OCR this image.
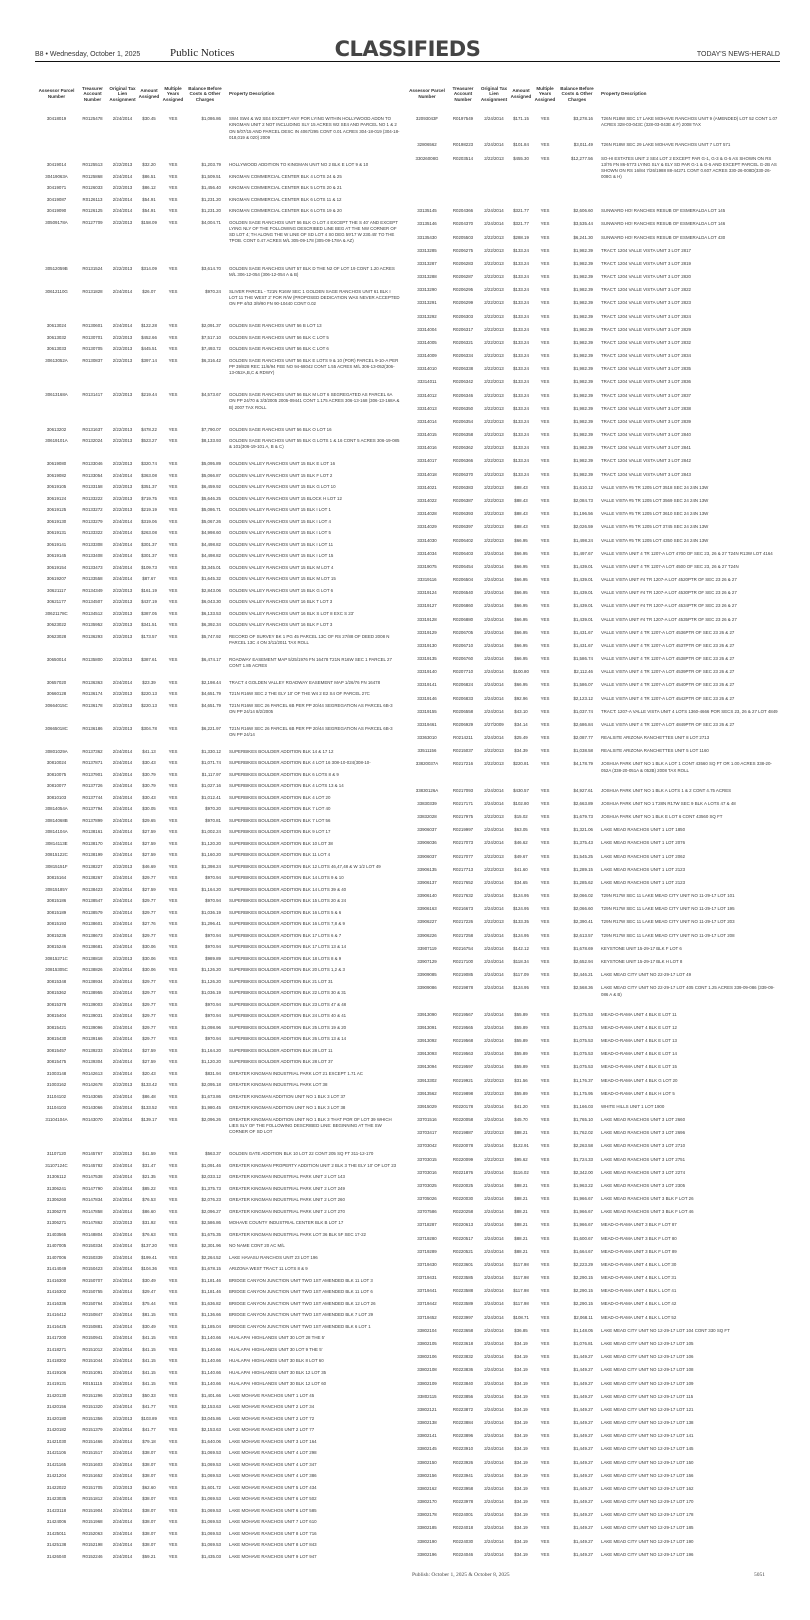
B8 • Wednesday, October 1, 2025	Public Notices	CLASSIFIEDS	TODAY'S NEWS-HERALD
Assessor Parcel Number	Treasurer Account Number	Original Tax Lien Assignment	Amount Assigned	Multiple Years Assigned	Balance Before Costs & Other Charges	Property Description
30418019	R0125478	2/24/2014	$30.45	YES	$1,086.86	SW4 SW4 & W2 SE4 EXCEPT ANY POR LYING WITHIN HOLLYWOOD ADDN TO KINGMAN UNIT 2 NOT INCLUDING SLY 15 ACRES W2 SE4 AND PARCEL NO 1 & 2 ON 5/07/15 AND PARCEL DESC IN 4067/295 CONT 0.01 ACRES 304-18-019 (304-18-018,019 & 020) 2009
30419014	R0125513	2/22/2013	$32.20	YES	$1,203.79	HOLLYWOOD ADDITION TO KINGMAN UNIT NO 2 BLK E LOT 9 & 10
30419063A	R0125868	2/24/2014	$86.51	YES	$1,509.51	KINGMAN COMMERCIAL CENTER BLK 4 LOTS 24 & 25
30419071	R0126033	2/22/2013	$86.12	YES	$1,456.40	KINGMAN COMMERCIAL CENTER BLK 5 LOTS 20 & 21
30419087	R0126113	2/24/2014	$54.91	YES	$1,231.20	KINGMAN COMMERCIAL CENTER BLK 6 LOTS 11 & 12
30419090	R0126125	2/24/2014	$54.91	YES	$1,231.20	KINGMAN COMMERCIAL CENTER BLK 6 LOTS 19 & 20
30509178A	R0127709	2/22/2013	$158.09	YES	$4,004.71	GOLDEN SAGE RANCHOS UNIT 56 BLK O LOT 4 EXCEPT THE S 40' AND EXCEPT LYING NLY OF THE FOLLOWING DESCRIBED LINE BEG AT THE NW CORNER OF SD LOT 4; TH ALONG THE W LINE OF SD LOT 4 S0 DEG 59'17 W 230.45' TO THE TPOB. CONT 0.47 ACRES M/L 305-09-178 (305-09-178A & AZ)
30512059B	R0131524	2/22/2013	$314.09	YES	$3,614.70	GOLDEN SAGE RANCHOS UNIT 57 BLK D THE N2 OF LOT 19 CONT 1.20 ACRES M/L 306-12-054 (306-12-054 A & B)
30612110G	R0131828	2/24/2014	$26.07	YES	$970.24	SLIVER PARCEL - T21N R16W SEC 1 GOLDEN SAGE RANCHOS UNIT 61 BLK I LOT 11 THE WEST 2' FOR R/W (PROPOSED DEDICATION WAS NEVER ACCEPTED ON PP 4/53 3/9/90 FN 90-10440 CONT 0.02
30613024	R0130601	2/24/2014	$122.28	YES	$2,091.37	GOLDEN SAGE RANCHOS UNIT 56 B LOT 13
30613032	R0130701	2/22/2013	$452.66	YES	$7,517.10	GOLDEN SAGE RANCHOS UNIT 56 BLK C LOT 5
30613033	R0130705	2/22/2013	$445.51	YES	$7,493.72	GOLDEN SAGE RANCHOS UNIT 56 BLK C LOT 6
30613052A	R0130837	2/22/2013	$397.14	YES	$6,316.42	GOLDEN SAGE RANCHOS UNIT 56 BLK E LOTS 9 & 10 (POR) PARCEL 9-10-A PER PP 39/828 REC 11/6/94 FEE NO 94-68042 CONT 1.55 ACRES M/L 306-13-052(306-13-052A,B,C & RDWY)
30613168A	R0131417	2/22/2013	$219.44	YES	$4,573.67	GOLDEN SAGE RANCHOS UNIT 56 BLK M LOT 6 SEGREGATED AS PARCEL 6A ON PP 24/70 & 3/3/2005 2005-09441 CONT 1.175 ACRES 306-13-168 (306-13-168A & B) 2007 TAX ROLL
30613202	R0131637	2/22/2013	$478.22	YES	$7,790.07	GOLDEN SAGE RANCHOS UNIT 56 BLK O LOT 16
30619101A	R0132024	2/22/2013	$523.27	YES	$8,133.93	GOLDEN SAGE RANCHOS UNIT 55 BLK G LOTS 1 & 16 CONT 5 ACRES 306-19-085 & 101(306-19-101 A, B & C)
30619080	R0133046	2/22/2013	$320.74	YES	$5,095.89	GOLDEN VALLEY RANCHOS UNIT 15 BLK E LOT 16
30619082	R0133054	2/24/2014	$363.08	YES	$5,066.87	GOLDEN VALLEY RANCHOS UNIT 15 BLK F LOT 2
30619105	R0133158	2/22/2013	$351.37	YES	$6,459.92	GOLDEN VALLEY RANCHOS UNIT 15 BLK G LOT 10
30619124	R0133222	2/22/2013	$719.75	YES	$5,646.25	GOLDEN VALLEY RANCHOS UNIT 15 BLOCK H LOT 12
30619125	R0133272	2/22/2013	$219.19	YES	$5,086.71	GOLDEN VALLEY RANCHOS UNIT 15 BLK I LOT 1
30619130	R0133279	2/24/2014	$319.06	YES	$5,067.26	GOLDEN VALLEY RANCHOS UNIT 15 BLK I LOT 4
30619131	R0133322	2/24/2014	$263.08	YES	$4,998.60	GOLDEN VALLEY RANCHOS UNIT 15 BLK I LOT 5
30619141	R0133308	2/24/2014	$301.37	YES	$4,498.82	GOLDEN VALLEY RANCHOS UNIT 15 BLK I LOT 11
30619145	R0133408	2/24/2014	$301.37	YES	$4,498.82	GOLDEN VALLEY RANCHOS UNIT 15 BLK I LOT 15
30619154	R0133473	2/24/2014	$109.73	YES	$3,345.01	GOLDEN VALLEY RANCHOS UNIT 15 BLK M LOT 4
30619207	R0133558	2/24/2014	$87.67	YES	$1,645.32	GOLDEN VALLEY RANCHOS UNIT 15 BLK M LOT 15
30621117	R0134349	2/22/2013	$161.19	YES	$2,843.06	GOLDEN VALLEY RANCHOS UNIT 15 BLK G LOT 6
30621177	R0134507	2/22/2013	$437.19	YES	$6,043.30	GOLDEN VALLEY RANCHOS UNIT 16 BLK T LOT 3
30621178C	R0134512	2/22/2013	$387.05	YES	$6,133.53	GOLDEN VALLEY RANCHOS UNIT 16 BLK S LOT 8 EXC S 23'
30623022	R0135952	2/22/2013	$341.51	YES	$6,392.34	GOLDEN VALLEY RANCHOS UNIT 16 BLK F LOT 3
30623028	R0136293	2/22/2013	$173.57	YES	$5,747.92	RECORD OF SURVEY BK 1 PG 45 PARCEL 13C OF RS 27/88 OF DEED 2008 N PARCEL 13C 4 ON 3/11/2011 TAX ROLL
30650014	R0135800	2/22/2013	$387.61	YES	$6,474.17	ROADWAY EASEMENT MAP 5/25/1976 FN 16478 T21N R16W SEC 1 PARCEL 27 CONT 1.85 ACRES
30657020	R0136363	2/24/2014	$23.39	YES	$2,198.44	TRACT 4 GOLDEN VALLEY ROADWAY EASEMENT MAP 1/26/76 FN 16478
30660128	R0136174	2/22/2013	$220.13	YES	$4,651.79	T21N R16W SEC 2 THE ELY 10' OF THE W4 2 E2 S4 OF PARCEL 27C
30664015C	R0136178	2/22/2013	$220.13	YES	$4,651.79	T21N R16W SEC 26 PARCEL 6B PER PP 20/44 SEGREGATION AS PARCEL 6B-3 ON PP 24/14 8/2/2005
30665018C	R0136186	2/22/2013	$304.78	YES	$6,221.97	T21N R16W SEC 26 PARCEL 6B PER PP 20/44 SEGREGATION AS PARCEL 6B-3 ON PP 24/14
30801029A	R0137362	2/24/2014	$41.13	YES	$1,330.12	SUPERBIKES BOULDER ADDITION BLK 14 & 17 12
30810024	R0137871	2/24/2014	$30.43	YES	$1,071.74	SUPERBIKES BOULDER ADDITION BLK 4 LOT 16 308-10-024(308-10-
30810075	R0137901	2/24/2014	$30.79	YES	$1,117.97	SUPERBIKES BOULDER ADDITION BLK 6 LOTS 8 & 9
30810077	R0137726	2/24/2014	$30.79	YES	$1,027.16	SUPERBIKES BOULDER ADDITION BLK 4 LOTS 13 & 14
30810103	R0137744	2/24/2014	$30.43	YES	$1,012.41	SUPERBIKES BOULDER ADDITION BLK 4 LOT 20
30814054A	R0137794	2/24/2014	$30.05	YES	$970.20	SUPERBIKES BOULDER ADDITION BLK 7 LOT 40
30814068B	R0137899	2/24/2014	$29.65	YES	$970.81	SUPERBIKES BOULDER ADDITION BLK 7 LOT 56
30814104A	R0138161	2/24/2014	$27.59	YES	$1,002.24	SUPERBIKES BOULDER ADDITION BLK 9 LOT 17
30814113E	R0138170	2/24/2014	$27.59	YES	$1,120.20	SUPERBIKES BOULDER ADDITION BLK 10 LOT 38
30815122C	R0138199	2/24/2014	$27.59	YES	$1,160.20	SUPERBIKES BOULDER ADDITION BLK 11 LOT 4
30815151F	R0138227	2/22/2013	$46.69	YES	$1,398.24	SUPERBIKES BOULDER ADDITION BLK 12 LOTS 46,47,48 & W 1/2 LOT 49
30815164	R0138267	2/24/2014	$29.77	YES	$970.94	SUPERBIKES BOULDER ADDITION BLK 14 LOTS 9 & 10
30815185Y	R0138423	2/24/2014	$27.59	YES	$1,164.20	SUPERBIKES BOULDER ADDITION BLK 14 LOTS 39 & 40
30815186	R0138547	2/24/2014	$29.77	YES	$970.94	SUPERBIKES BOULDER ADDITION BLK 15 LOTS 20 & 24
30815189	R0138579	2/24/2014	$29.77	YES	$1,036.19	SUPERBIKES BOULDER ADDITION BLK 16 LOTS 5 & 6
30815193	R0138601	2/24/2014	$27.76	YES	$1,296.41	SUPERBIKES BOULDER ADDITION BLK 16 LOTS 7,8 & 9
30815236	R0138673	2/24/2014	$29.77	YES	$970.94	SUPERBIKES BOULDER ADDITION BLK 17 LOTS 6 & 7
30815246	R0138681	2/24/2014	$30.06	YES	$970.94	SUPERBIKES BOULDER ADDITION BLK 17 LOTS 13 & 14
30815271C	R0138818	2/22/2013	$30.06	YES	$989.89	SUPERBIKES BOULDER ADDITION BLK 18 LOTS 8 & 9
30815305C	R0138826	2/24/2014	$30.06	YES	$1,126.20	SUPERBIKES BOULDER ADDITION BLK 20 LOTS 1,2 & 3
30815348	R0138934	2/24/2014	$29.77	YES	$1,126.20	SUPERBIKES BOULDER ADDITION BLK 21 LOT 31
30815362	R0138955	2/24/2014	$29.77	YES	$1,036.19	SUPERBIKES BOULDER ADDITION BLK 22 LOTS 30 & 31
30815378	R0139003	2/24/2014	$29.77	YES	$970.94	SUPERBIKES BOULDER ADDITION BLK 23 LOTS 47 & 48
30815404	R0139031	2/24/2014	$29.77	YES	$970.94	SUPERBIKES BOULDER ADDITION BLK 24 LOTS 40 & 41
30815421	R0139096	2/24/2014	$29.77	YES	$1,098.96	SUPERBIKES BOULDER ADDITION BLK 25 LOTS 19 & 20
30815430	R0139166	2/24/2014	$29.77	YES	$970.94	SUPERBIKES BOULDER ADDITION BLK 26 LOTS 13 & 14
30815457	R0139233	2/24/2014	$27.59	YES	$1,164.20	SUPERBIKES BOULDER ADDITION BLK 28 LOT 11
30815475	R0139304	2/24/2014	$27.59	YES	$1,120.20	SUPERBIKES BOULDER ADDITION BLK 28 LOT 37
31003148	R0142613	2/24/2014	$20.43	YES	$831.94	GREATER KINGMAN INDUSTRIAL PARK LOT 21 EXCEPT 1.71 AC
31003162	R0142678	2/22/2013	$133.42	YES	$2,095.18	GREATER KINGMAN INDUSTRIAL PARK LOT 38
31104102	R0143065	2/24/2014	$86.48	YES	$1,673.86	GREATER KINGMAN ADDITION UNIT NO 1 BLK 3 LOT 37
31104103	R0143066	2/24/2014	$133.52	YES	$1,980.45	GREATER KINGMAN ADDITION UNIT NO 1 BLK 3 LOT 38
31104104A	R0143070	2/24/2014	$139.17	YES	$2,096.26	GREATER KINGMAN ADDITION UNIT NO 1 BLK 3 THAT POR OF LOT 39 WHICH LIES SLY OF THE FOLLOWING DESCRIBED LINE: BEGINNING AT THE SW CORNER OF SD LOT
31107120	R0145767	2/22/2013	$41.59	YES	$563.37	GOLDEN GATE ADDITION BLK 10 LOT 22 CONT 205 SQ FT 311-12-170
31107124C	R0145782	2/24/2014	$31.47	YES	$1,091.46	GREATER KINGMAN PROPERTY ADDITION UNIT 2 BLK 3 THE ELY 10' OF LOT 23
31306112	R0147538	2/24/2014	$21.35	YES	$2,033.12	GREATER KINGMAN INDUSTRIAL PARK UNIT 2 LOT 143
31306241	R0147790	2/24/2014	$85.22	YES	$1,375.73	GREATER KINGMAN INDUSTRIAL PARK UNIT 2 LOT 249
31306260	R0147834	2/24/2014	$76.53	YES	$2,076.23	GREATER KINGMAN INDUSTRIAL PARK UNIT 2 LOT 260
31306270	R0147858	2/24/2014	$86.60	YES	$2,096.27	GREATER KINGMAN INDUSTRIAL PARK UNIT 2 LOT 270
31306271	R0147862	2/22/2013	$31.92	YES	$2,586.86	MOHAVE COUNTY INDUSTRIAL CENTER BLK B LOT 17
31403565	R0148804	2/24/2014	$76.63	YES	$1,675.35	GREATER KINGMAN INDUSTRIAL PARK LOT 36 BLK 5F SEC 17-22
31407005	R0150334	2/24/2014	$137.20	YES	$2,301.96	NO NAME CONT 20 AC M/L
31407006	R0150339	2/24/2014	$199.41	YES	$2,264.52	LAKE HAVASU RANCHOS UNIT 23 LOT 196
31414049	R0150423	2/24/2014	$104.36	YES	$1,678.15	ARIZONA WEST TRACT 11 LOTS 8 & 9
31416300	R0150707	2/24/2014	$30.49	YES	$1,181.46	BRIDGE CANYON JUNCTION UNIT TWO 1ST AMENDED BLK 11 LOT 3
31416302	R0150755	2/24/2014	$29.47	YES	$1,181.46	BRIDGE CANYON JUNCTION UNIT TWO 1ST AMENDED BLK 11 LOT 6
31416336	R0150764	2/24/2014	$75.44	YES	$1,636.82	BRIDGE CANYON JUNCTION UNIT TWO 1ST AMENDED BLK 12 LOT 26
31416412	R0150847	2/24/2014	$81.15	YES	$1,136.66	BRIDGE CANYON JUNCTION UNIT TWO 1ST AMENDED BLK 7 LOT 29
31416425	R0150881	2/24/2014	$30.49	YES	$1,185.04	BRIDGE CANYON JUNCTION UNIT TWO 1ST AMENDED BLK 6 LOT 1
31417200	R0150941	2/24/2014	$41.15	YES	$1,140.66	HUALAPAI HIGHLANDS UNIT 30 LOT 28 THE 5'
31418271	R0151012	2/24/2014	$41.15	YES	$1,140.66	HUALAPAI HIGHLANDS UNIT 30 LOT 9 THE 5'
31418302	R0151044	2/24/2014	$41.15	YES	$1,140.66	HUALAPAI HIGHLANDS UNIT 30 BLK 8 LOT 60
31419106	R0151091	2/24/2014	$41.15	YES	$1,140.66	HUALAPAI HIGHLANDS UNIT 30 BLK 12 LOT 35
31419131	R0151115	2/24/2014	$41.15	YES	$1,140.66	HUALAPAI HIGHLANDS UNIT 30 BLK 12 LOT 60
31420130	R0151296	2/22/2013	$50.33	YES	$1,401.66	LAKE MOHAVE RANCHOS UNIT 1 LOT 45
31420156	R0151320	2/24/2014	$41.77	YES	$2,153.63	LAKE MOHAVE RANCHOS UNIT 2 LOT 34
31420180	R0151356	2/22/2013	$103.89	YES	$3,045.86	LAKE MOHAVE RANCHOS UNIT 2 LOT 72
31420182	R0151379	2/24/2014	$41.77	YES	$2,153.63	LAKE MOHAVE RANCHOS UNIT 2 LOT 77
31421030	R0151466	2/24/2014	$79.18	YES	$1,640.06	LAKE MOHAVE RANCHOS UNIT 3 LOT 164
31421106	R0151517	2/24/2014	$38.07	YES	$1,069.53	LAKE MOHAVE RANCHOS UNIT 4 LOT 298
31421165	R0151603	2/24/2014	$38.07	YES	$1,069.53	LAKE MOHAVE RANCHOS UNIT 4 LOT 347
31421204	R0151652	2/24/2014	$38.07	YES	$1,069.53	LAKE MOHAVE RANCHOS UNIT 4 LOT 386
31422022	R0151705	2/22/2013	$62.60	YES	$1,601.72	LAKE MOHAVE RANCHOS UNIT 5 LOT 434
31423035	R0151812	2/24/2014	$38.07	YES	$1,069.53	LAKE MOHAVE RANCHOS UNIT 6 LOT 502
31423118	R0151904	2/24/2014	$38.07	YES	$1,069.53	LAKE MOHAVE RANCHOS UNIT 6 LOT 585
31424006	R0151968	2/24/2014	$38.07	YES	$1,069.53	LAKE MOHAVE RANCHOS UNIT 7 LOT 610
31425011	R0152063	2/24/2014	$38.07	YES	$1,069.53	LAKE MOHAVE RANCHOS UNIT 8 LOT 716
31425138	R0152198	2/24/2014	$38.07	YES	$1,069.53	LAKE MOHAVE RANCHOS UNIT 8 LOT 843
31426040	R0152246	2/24/2014	$59.21	YES	$1,435.03	LAKE MOHAVE RANCHOS UNIT 9 LOT 947
Assessor Parcel Number	Treasurer Account Number	Original Tax Lien Assignment	Amount Assigned	Multiple Years Assigned	Balance Before Costs & Other Charges	Property Description
32093043F	R0197549	2/24/2014	$171.15	YES	$3,278.16	T26N R18W SEC 17 LAKE MOHAVE RANCHOS UNIT 9 (AMENDED) LOT 52 CONT 1.07 ACRES 328-03-043C (328-03-043E & F) 2008 TAX
32806562	R0198223	2/24/2014	$101.84	YES	$3,011.49	T26N R18W SEC 29 LAKE MOHAVE RANCHOS UNIT 7 LOT 571
33026008G	R0203514	2/22/2013	$455.30	YES	$12,277.56	SO-HI ESTATES UNIT 2 SE4 LOT 2 EXCEPT PAR G-1, G-3 & G-5 AS SHOWN ON RS 13/76 FN 86-5773 LYING SLY & ELY SD PAR G-1 & G-5 AND EXCEPT PARCEL G-2B AS SHOWN ON RS 16/84 7/26/1988 88-44271 CONT 0.607 ACRES 330-26-008D(330-26-008G & H)
33135145	R0204366	2/24/2014	$321.77	YES	$2,606.60	SUNWARD HO! RANCHES RESUB OF ESMERALDA LOT 145
33135146	R0204370	2/24/2014	$321.77	YES	$3,535.44	SUNWARD HO! RANCHES RESUB OF ESMERALDA LOT 146
33135430	R0205503	2/22/2013	$288.19	YES	$6,241.30	SUNWARD HO! RANCHES RESUB OF ESMERALDA LOT 430
33313285	R0206275	2/22/2013	$133.24	YES	$1,982.39	TRACT: 1204 VALLE VISTA UNIT 3 LOT 2817
33313287	R0206283	2/22/2013	$133.24	YES	$1,982.39	TRACT: 1204 VALLE VISTA UNIT 3 LOT 2819
33313288	R0206287	2/22/2013	$133.24	YES	$1,982.39	TRACT: 1204 VALLE VISTA UNIT 3 LOT 2820
33313290	R0206295	2/22/2013	$133.24	YES	$1,982.39	TRACT: 1204 VALLE VISTA UNIT 3 LOT 2822
33313291	R0206299	2/22/2013	$133.24	YES	$1,982.39	TRACT: 1204 VALLE VISTA UNIT 3 LOT 2823
33313292	R0206303	2/22/2013	$133.24	YES	$1,982.39	TRACT: 1204 VALLE VISTA UNIT 3 LOT 2824
33314004	R0206317	2/22/2013	$133.24	YES	$1,982.39	TRACT: 1204 VALLE VISTA UNIT 3 LOT 2829
33314005	R0206321	2/22/2013	$133.24	YES	$1,982.39	TRACT: 1204 VALLE VISTA UNIT 3 LOT 2832
33314009	R0206334	2/22/2013	$133.24	YES	$1,982.39	TRACT: 1204 VALLE VISTA UNIT 3 LOT 2834
33314010	R0206338	2/22/2013	$133.24	YES	$1,982.39	TRACT: 1204 VALLE VISTA UNIT 3 LOT 2835
33314011	R0206342	2/22/2013	$133.24	YES	$1,982.39	TRACT: 1204 VALLE VISTA UNIT 3 LOT 2836
33314012	R0206346	2/22/2013	$133.24	YES	$1,982.39	TRACT: 1204 VALLE VISTA UNIT 3 LOT 2837
33314013	R0206350	2/22/2013	$133.24	YES	$1,982.39	TRACT: 1204 VALLE VISTA UNIT 3 LOT 2838
33314014	R0206354	2/22/2013	$133.24	YES	$1,982.39	TRACT: 1204 VALLE VISTA UNIT 3 LOT 2839
33314015	R0206358	2/22/2013	$133.24	YES	$1,982.39	TRACT: 1204 VALLE VISTA UNIT 3 LOT 2840
33314016	R0206362	2/22/2013	$133.24	YES	$1,982.39	TRACT: 1204 VALLE VISTA UNIT 3 LOT 2841
33314017	R0206366	2/22/2013	$133.24	YES	$1,982.39	TRACT: 1204 VALLE VISTA UNIT 3 LOT 2842
33314018	R0206370	2/22/2013	$133.24	YES	$1,982.39	TRACT: 1204 VALLE VISTA UNIT 3 LOT 2843
33314021	R0206383	2/22/2013	$88.43	YES	$1,610.12	VALLE VISTA #5 TR 1205 LOT 3518 SEC 24 24N 13W
33314022	R0206387	2/22/2013	$88.43	YES	$2,084.73	VALLE VISTA #5 TR 1205 LOT 3569 SEC 24 24N 13W
33314028	R0206393	2/22/2013	$88.43	YES	$1,196.56	VALLE VISTA #5 TR 1205 LOT 3610 SEC 24 24N 13W
33314029	R0206397	2/22/2013	$88.43	YES	$2,026.59	VALLE VISTA #5 TR 1205 LOT 3745 SEC 24 24N 13W
33314030	R0206402	2/22/2013	$66.95	YES	$1,498.24	VALLE VISTA #5 TR 1205 LOT 4350 SEC 24 24N 13W
33314034	R0206403	2/24/2014	$66.95	YES	$1,497.67	VALLE VISTA UNIT 4 TR 1207-A LOT 4700 OF SEC 23, 26 & 27 T24N R13W LOT 4164
33319075	R0206454	2/24/2014	$66.95	YES	$1,439.01	VALLE VISTA UNIT 4 TR 1207-A LOT 4500 OF SEC 23, 26 & 27 T24N
33319116	R0206504	2/24/2014	$66.95	YES	$1,439.01	VALLE VISTA UNIT #4 TR 1207-A LOT 4520PTR OF SEC 23 26 & 27
33319124	R0206540	2/24/2014	$66.95	YES	$1,439.01	VALLE VISTA UNIT #4 TR 1207-A LOT 4530PTR OF SEC 23 26 & 27
33319127	R0206860	2/24/2014	$66.95	YES	$1,439.01	VALLE VISTA UNIT #4 TR 1207-A LOT 4534PTR OF SEC 23 26 & 27
33319128	R0206880	2/24/2014	$66.95	YES	$1,439.01	VALLE VISTA UNIT #4 TR 1207-A LOT 4535PTR OF SEC 23 26 & 27
33319129	R0206705	2/24/2014	$66.95	YES	$1,431.67	VALLE VISTA UNIT 4 TR 1207-A LOT 4536PTR OF SEC 23 26 & 27
33319130	R0206710	2/24/2014	$66.95	YES	$1,431.67	VALLE VISTA UNIT 4 TR 1207-A LOT 4537PTR OF SEC 23 26 & 27
33319135	R0206760	2/24/2014	$66.95	YES	$1,586.74	VALLE VISTA UNIT 4 TR 1207-A LOT 4538PTR OF SEC 23 26 & 27
33319140	R0207710	2/24/2014	$100.80	YES	$2,112.46	VALLE VISTA UNIT 4 TR 1207-A LOT 4539PTR OF SEC 23 26 & 27
33319141	R0206824	2/24/2014	$66.95	YES	$1,586.07	VALLE VISTA UNIT 4 TR 1207-A LOT 4540PTR OF SEC 23 26 & 27
33319146	R0206833	2/24/2014	$92.96	YES	$2,123.12	VALLE VISTA UNIT 4 TR 1207-A LOT 4542PTR OF SEC 23 26 & 27
33319155	R0206558	2/24/2014	$43.10	YES	$1,037.74	TRACT: 1207-A VALLE VISTA UNIT 4 LOTS 1360-4666 POR SECS 23, 26 & 27 LOT 4849
33319461	R0206929	2/27/2009	$34.14	YES	$2,686.84	VALLE VISTA UNIT 4 TR 1207-A LOT 4849PTR OF SEC 23 26 & 27
33363010	R0214211	2/24/2014	$25.49	YES	$2,087.77	REALSITE ARIZONA RANCHETTES UNIT 8 LOT 2713
33511156	R0215037	2/22/2013	$34.39	YES	$1,038.58	REALSITE ARIZONA RANCHETTES UNIT 5 LOT 1160
33820037A	R0217216	2/22/2013	$220.81	YES	$4,178.79	JOSHUA PARK UNIT NO 1 BLK A LOT 1 CONT 43560 SQ FT OR 1.00 ACRES 338-20-052A (338-20-051A & 052B) 2008 TAX ROLL
33830126A	R0217093	2/24/2014	$430.57	YES	$4,927.61	JOSHUA PARK UNIT NO 1 BLK A LOTS 1 & 2 CONT 4.75 ACRES
33830339	R0217171	2/24/2014	$102.80	YES	$2,663.89	JOSHUA PARK UNIT NO 1 T28N R17W SEC 9 BLK A LOTS 47 & 48
33832028	R0217975	2/22/2013	$15.02	YES	$1,679.73	JOSHUA PARK UNIT NO 1 BLK E LOT 6 CONT 43560 SQ FT
33906037	R0219997	2/24/2014	$63.05	YES	$1,321.06	LAKE MEAD RANCHOS UNIT 1 LOT 1850
33906036	R0217073	2/24/2014	$46.62	YES	$1,375.43	LAKE MEAD RANCHOS UNIT 1 LOT 2076
33906037	R0217077	2/22/2013	$49.67	YES	$1,545.25	LAKE MEAD RANCHOS UNIT 1 LOT 2062
33906135	R0217713	2/22/2013	$41.60	YES	$1,289.15	LAKE MEAD RANCHOS UNIT 1 LOT 2123
33906137	R0217652	2/24/2014	$34.65	YES	$1,285.62	LAKE MEAD RANCHOS UNIT 1 LOT 2123
33906140	R0217632	2/24/2014	$124.95	YES	$2,066.02	T29N R17W SEC 11 LAKE MEAD CITY UNIT NO 11-29-17 LOT 101
33906163	R0216673	2/24/2014	$124.95	YES	$2,066.60	T29N R17W SEC 11 LAKE MEAD CITY UNIT NO 11-29-17 LOT 195
33906227	R0217226	2/22/2013	$133.35	YES	$2,390.41	T29N R17W SEC 11 LAKE MEAD CITY UNIT NO 11-29-17 LOT 203
33906226	R0217258	2/24/2014	$124.95	YES	$2,613.57	T29N R17W SEC 11 LAKE MEAD CITY UNIT NO 11-29-17 LOT 208
33907119	R0216754	2/24/2014	$142.12	YES	$1,678.69	KEYSTONE UNIT 15-29-17 BLK F LOT 6
33907129	R0217100	2/24/2014	$118.34	YES	$2,652.94	KEYSTONE UNIT 15-29-17 BLK H LOT 8
33909085	R0219085	2/24/2014	$117.09	YES	$2,446.21	LAKE MEAD CITY UNIT NO 22-29-17 LOT 49
33909086	R0219878	2/24/2014	$124.95	YES	$2,568.36	LAKE MEAD CITY UNIT NO 22-29-17 LOT 405 CONT 1.25 ACRES 339-09-086 (339-09-086 A & B)
33913090	R0219567	2/24/2014	$55.89	YES	$1,075.53	MEAD-O-RAMA UNIT 4 BLK E LOT 11
33913091	R0219565	2/24/2014	$55.89	YES	$1,075.53	MEAD-O-RAMA UNIT 4 BLK E LOT 12
33913092	R0219568	2/24/2014	$55.89	YES	$1,075.53	MEAD-O-RAMA UNIT 4 BLK E LOT 13
33913093	R0219563	2/24/2014	$55.89	YES	$1,075.53	MEAD-O-RAMA UNIT 4 BLK E LOT 14
33913094	R0219597	2/24/2014	$55.89	YES	$1,075.53	MEAD-O-RAMA UNIT 4 BLK E LOT 15
33913302	R0219921	2/22/2013	$31.56	YES	$1,176.37	MEAD-O-RAMA UNIT 4 BLK G LOT 20
33913562	R0219898	2/22/2013	$55.89	YES	$1,175.95	MEAD-O-RAMA UNIT 4 BLK H LOT 5
33915029	R0220178	2/24/2014	$41.20	YES	$1,166.03	WHITE HILLS UNIT 1 LOT 1900
33701516	R0220058	2/24/2014	$45.70	YES	$1,765.10	LAKE MEAD RANCHOS UNIT 3 LOT 2660
33703417	R0219887	2/22/2013	$88.21	YES	$1,762.02	LAKE MEAD RANCHOS UNIT 3 LOT 2696
33703042	R0220078	2/24/2014	$122.91	YES	$2,263.58	LAKE MEAD RANCHOS UNIT 3 LOT 2710
33703015	R0220099	2/22/2013	$95.62	YES	$1,724.33	LAKE MEAD RANCHOS UNIT 3 LOT 2751
33703016	R0221876	2/24/2014	$116.02	YES	$2,342.00	LAKE MEAD RANCHOS UNIT 3 LOT 2274
33703025	R0220025	2/24/2014	$88.21	YES	$1,963.22	LAKE MEAD RANCHOS UNIT 3 LOT 2305
33705026	R0220030	2/24/2014	$88.21	YES	$1,966.67	LAKE MEAD RANCHOS UNIT 3 BLK F LOT 26
33707586	R0220258	2/24/2014	$88.21	YES	$1,966.67	LAKE MEAD RANCHOS UNIT 3 BLK F LOT 46
33718287	R0220613	2/24/2014	$88.21	YES	$1,966.67	MEAD-O-RAMA UNIT 3 BLK F LOT 87
33719280	R0220517	2/24/2014	$88.21	YES	$1,600.67	MEAD-O-RAMA UNIT 3 BLK F LOT 80
33719289	R0220521	2/24/2014	$88.21	YES	$1,664.67	MEAD-O-RAMA UNIT 3 BLK F LOT 89
33719430	R0223601	2/24/2014	$117.98	YES	$2,223.29	MEAD-O-RAMA UNIT 4 BLK L LOT 30
33719431	R0223585	2/24/2014	$117.98	YES	$2,290.15	MEAD-O-RAMA UNIT 4 BLK L LOT 31
33719441	R0223588	2/24/2014	$117.98	YES	$2,290.15	MEAD-O-RAMA UNIT 4 BLK L LOT 41
33719442	R0223589	2/24/2014	$117.98	YES	$2,290.15	MEAD-O-RAMA UNIT 4 BLK L LOT 42
33719452	R0223997	2/24/2014	$108.71	YES	$2,068.11	MEAD-O-RAMA UNIT 4 BLK L LOT 52
33802104	R0223658	2/24/2014	$36.85	YES	$1,148.05	LAKE MEAD CITY UNIT NO 12-29-17 LOT 104 CONT 330 SQ FT
33802105	R0223618	2/24/2014	$34.19	YES	$1,076.81	LAKE MEAD CITY UNIT NO 12-29-17 LOT 105
33802106	R0223832	2/24/2014	$34.19	YES	$1,449.27	LAKE MEAD CITY UNIT NO 12-29-17 LOT 106
33802108	R0223836	2/24/2014	$34.19	YES	$1,449.27	LAKE MEAD CITY UNIT NO 12-29-17 LOT 108
33802109	R0223840	2/24/2014	$34.19	YES	$1,449.27	LAKE MEAD CITY UNIT NO 12-29-17 LOT 109
33802115	R0223856	2/24/2014	$34.19	YES	$1,449.27	LAKE MEAD CITY UNIT NO 12-29-17 LOT 115
33802121	R0223872	2/24/2014	$34.19	YES	$1,449.27	LAKE MEAD CITY UNIT NO 12-29-17 LOT 121
33802138	R0223884	2/24/2014	$34.19	YES	$1,449.27	LAKE MEAD CITY UNIT NO 12-29-17 LOT 138
33802141	R0223896	2/24/2014	$34.19	YES	$1,449.27	LAKE MEAD CITY UNIT NO 12-29-17 LOT 141
33802145	R0223910	2/24/2014	$34.19	YES	$1,449.27	LAKE MEAD CITY UNIT NO 12-29-17 LOT 145
33802150	R0223926	2/24/2014	$34.19	YES	$1,449.27	LAKE MEAD CITY UNIT NO 12-29-17 LOT 150
33802156	R0223941	2/24/2014	$34.19	YES	$1,449.27	LAKE MEAD CITY UNIT NO 12-29-17 LOT 156
33802162	R0223958	2/24/2014	$34.19	YES	$1,449.27	LAKE MEAD CITY UNIT NO 12-29-17 LOT 162
33802170	R0223978	2/24/2014	$34.19	YES	$1,449.27	LAKE MEAD CITY UNIT NO 12-29-17 LOT 170
33802178	R0224001	2/24/2014	$34.19	YES	$1,449.27	LAKE MEAD CITY UNIT NO 12-29-17 LOT 178
33802185	R0224018	2/24/2014	$34.19	YES	$1,449.27	LAKE MEAD CITY UNIT NO 12-29-17 LOT 185
33802190	R0224030	2/24/2014	$34.19	YES	$1,449.27	LAKE MEAD CITY UNIT NO 12-29-17 LOT 190
33802196	R0224046	2/24/2014	$34.19	YES	$1,449.27	LAKE MEAD CITY UNIT NO 12-29-17 LOT 196
Publish: October 1, 2025 & October 8, 2025	5051
